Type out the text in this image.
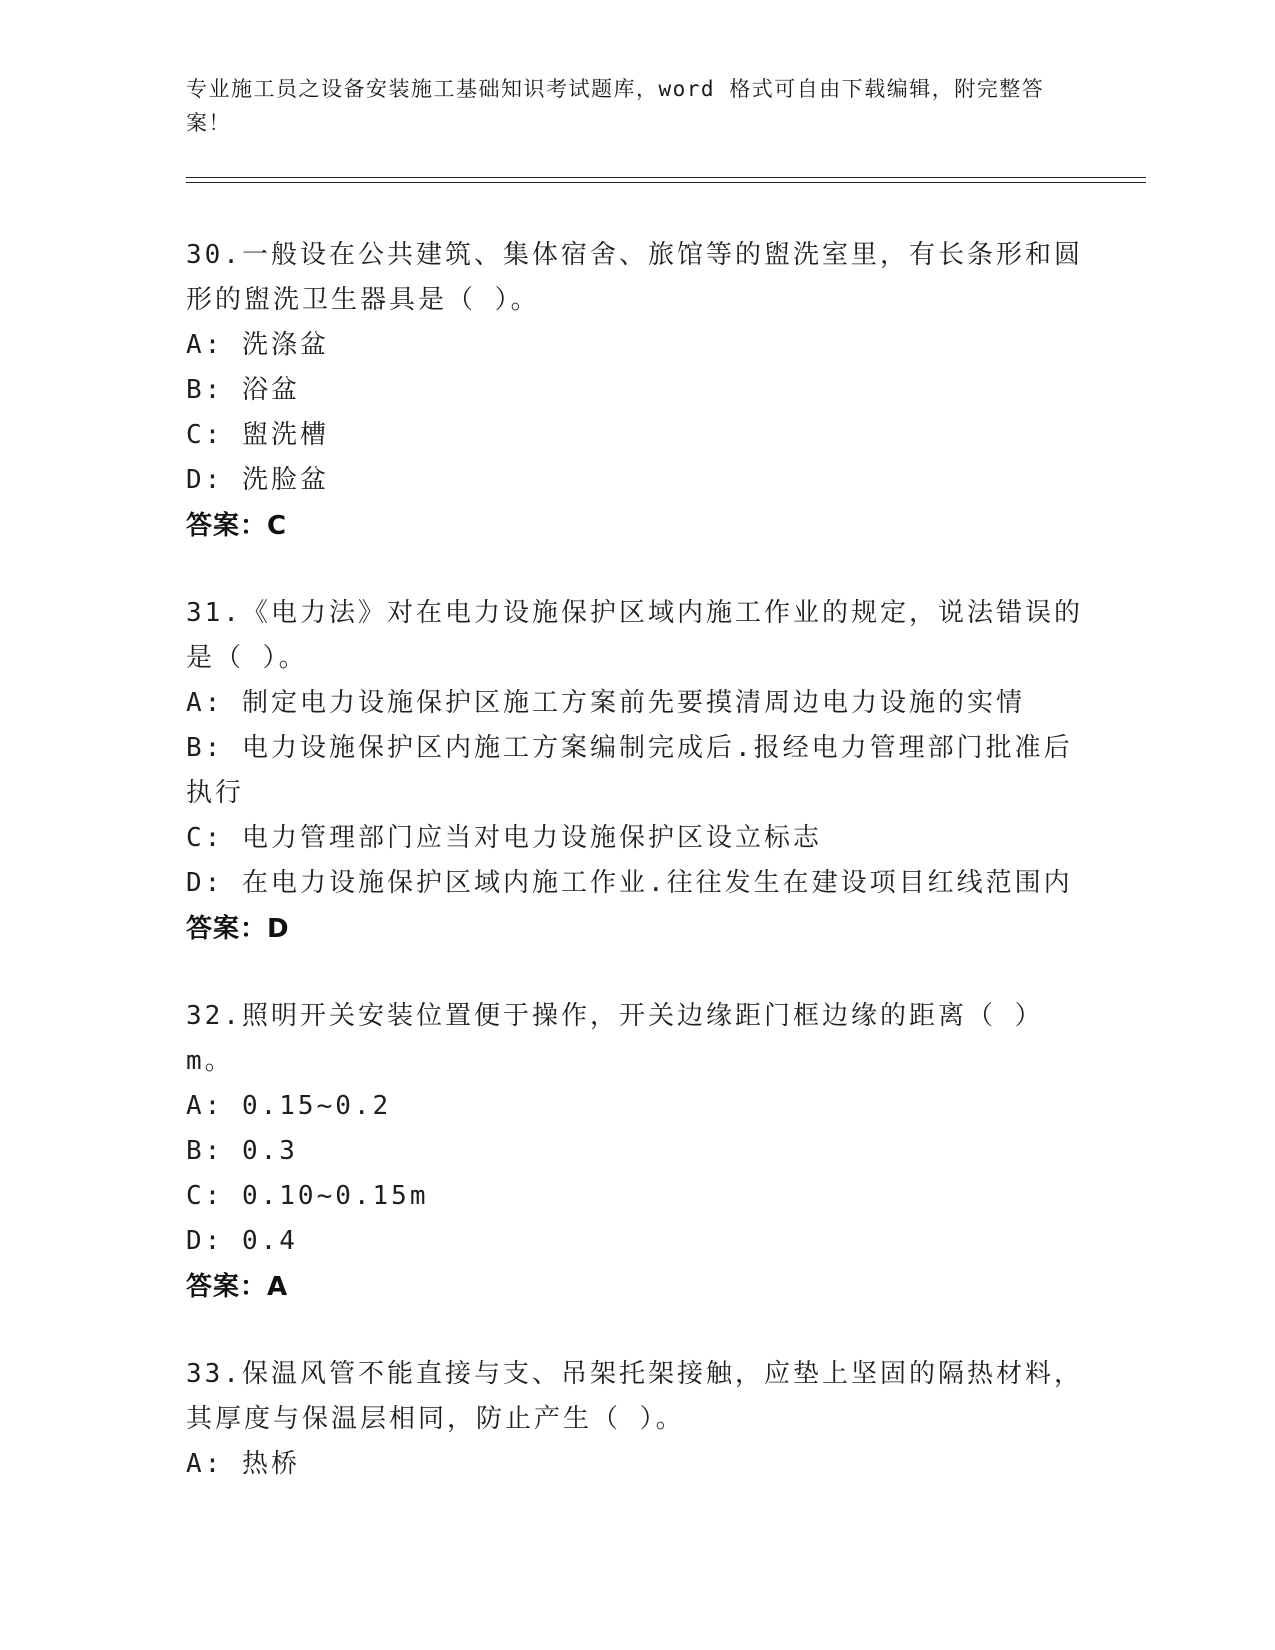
专业施工员之设备安装施工基础知识考试题库，word 格式可自由下载编辑，附完整答案！
30.一般设在公共建筑、集体宿舍、旅馆等的盥洗室里，有长条形和圆形的盥洗卫生器具是（ ）。
A: 洗涤盆
B: 浴盆
C: 盥洗槽
D: 洗脸盆
答案：C
31.《电力法》对在电力设施保护区域内施工作业的规定，说法错误的是（ ）。
A: 制定电力设施保护区施工方案前先要摸清周边电力设施的实情
B: 电力设施保护区内施工方案编制完成后.报经电力管理部门批准后执行
C: 电力管理部门应当对电力设施保护区设立标志
D: 在电力设施保护区域内施工作业.往往发生在建设项目红线范围内
答案：D
32.照明开关安装位置便于操作，开关边缘距门框边缘的距离（ ）m。
A: 0.15~0.2
B: 0.3
C: 0.10~0.15m
D: 0.4
答案：A
33.保温风管不能直接与支、吊架托架接触，应垫上坚固的隔热材料，其厚度与保温层相同，防止产生（ ）。
A: 热桥
